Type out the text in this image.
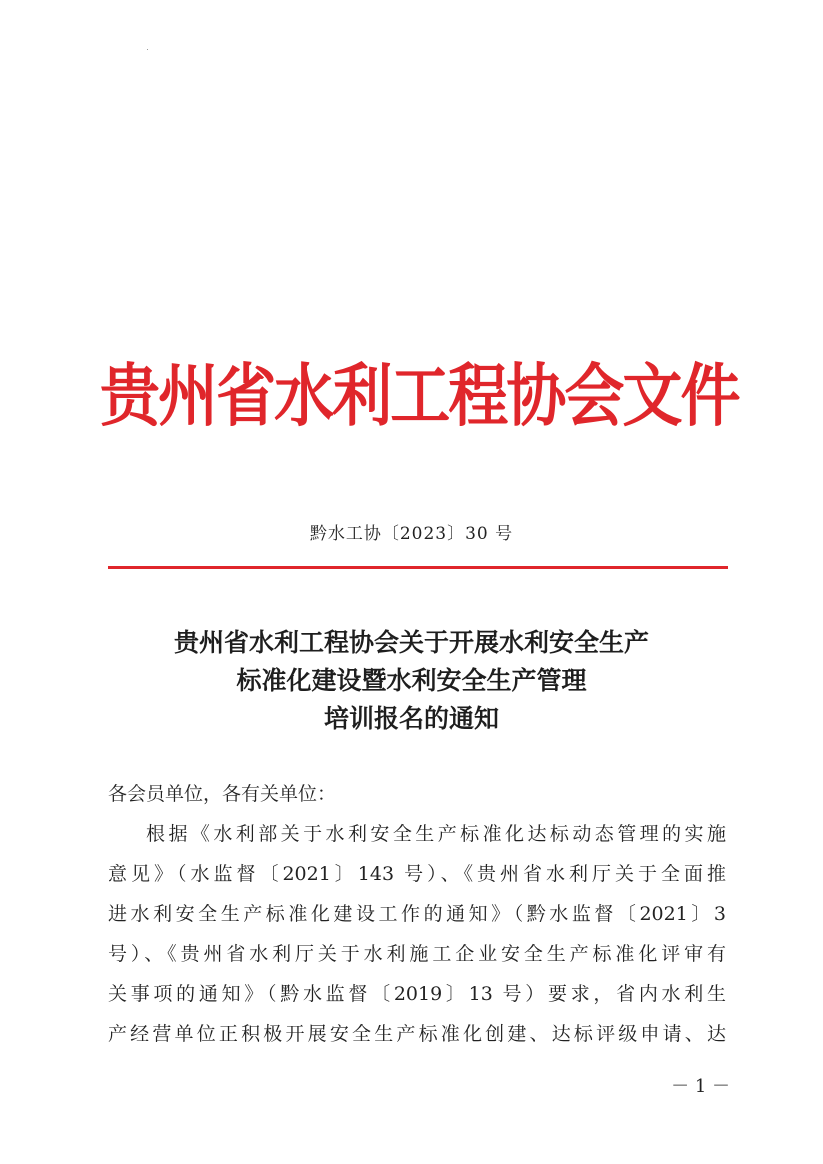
贵州省水利工程协会文件
黔水工协〔2023〕30 号
贵州省水利工程协会关于开展水利安全生产
标准化建设暨水利安全生产管理
培训报名的通知
各会员单位，各有关单位：

根据《水利部关于水利安全生产标准化达标动态管理的实施
意见》（水监督〔2021〕143 号）、《贵州省水利厅关于全面推
进水利安全生产标准化建设工作的通知》（黔水监督〔2021〕3
号）、《贵州省水利厅关于水利施工企业安全生产标准化评审有
关事项的通知》（黔水监督〔2019〕13 号）要求，省内水利生
产经营单位正积极开展安全生产标准化创建、达标评级申请、达

－ 1 －
